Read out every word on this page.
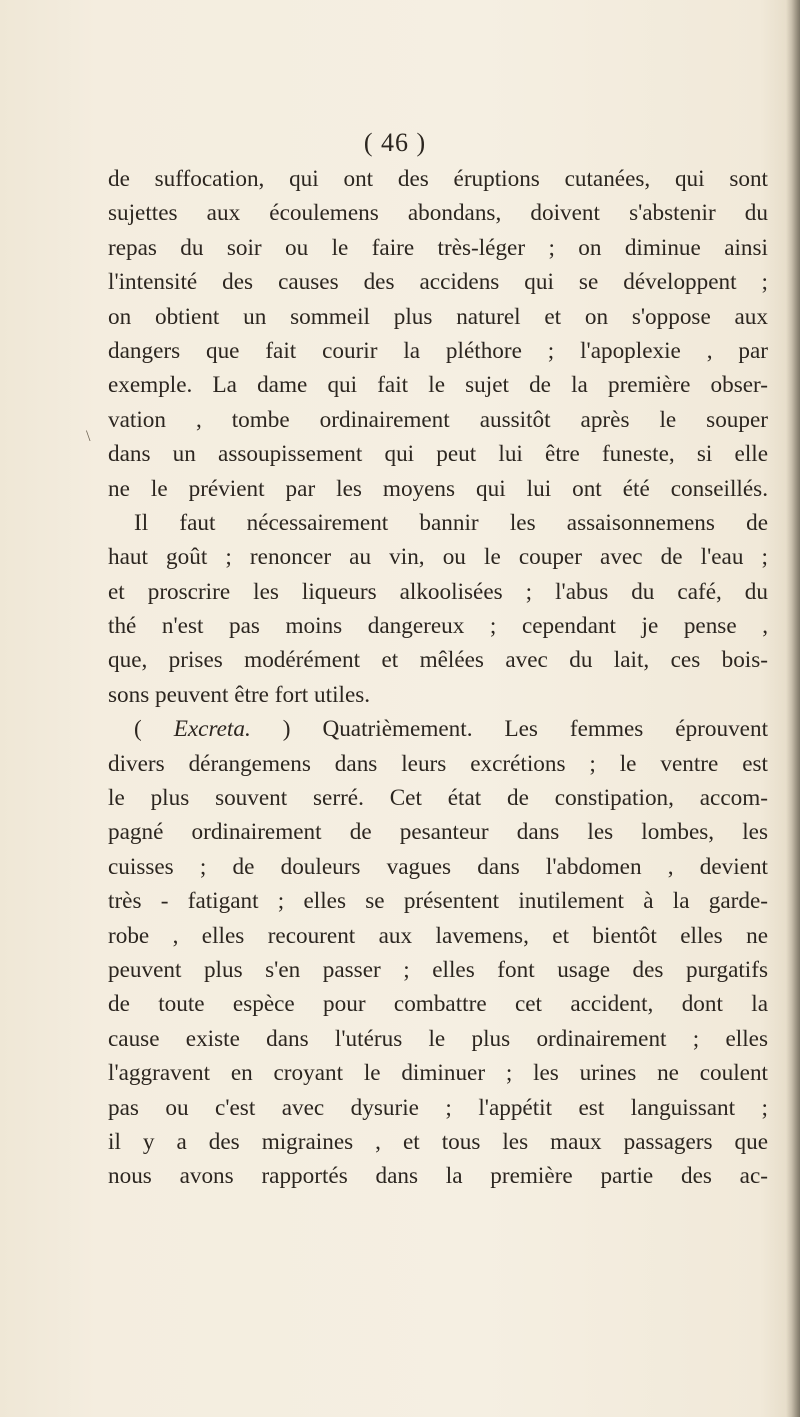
( 46 )
\
de suffocation, qui ont des éruptions cutanées, qui sont
sujettes aux écoulemens abondans, doivent s'abstenir du
repas du soir ou le faire très-léger ; on diminue ainsi
l'intensité des causes des accidens qui se développent ;
on obtient un sommeil plus naturel et on s'oppose aux
dangers que fait courir la pléthore ; l'apoplexie , par
exemple. La dame qui fait le sujet de la première obser-
vation , tombe ordinairement aussitôt après le souper
dans un assoupissement qui peut lui être funeste, si elle
ne le prévient par les moyens qui lui ont été conseillés.
Il faut nécessairement bannir les assaisonnemens de
haut goût ; renoncer au vin, ou le couper avec de l'eau ;
et proscrire les liqueurs alkoolisées ; l'abus du café, du
thé n'est pas moins dangereux ; cependant je pense ,
que, prises modérément et mêlées avec du lait, ces bois-
sons peuvent être fort utiles.
( Excreta. ) Quatrièmement. Les femmes éprouvent
divers dérangemens dans leurs excrétions ; le ventre est
le plus souvent serré. Cet état de constipation, accom-
pagné ordinairement de pesanteur dans les lombes, les
cuisses ; de douleurs vagues dans l'abdomen , devient
très - fatigant ; elles se présentent inutilement à la garde-
robe , elles recourent aux lavemens, et bientôt elles ne
peuvent plus s'en passer ; elles font usage des purgatifs
de toute espèce pour combattre cet accident, dont la
cause existe dans l'utérus le plus ordinairement ; elles
l'aggravent en croyant le diminuer ; les urines ne coulent
pas ou c'est avec dysurie ; l'appétit est languissant ;
il y a des migraines , et tous les maux passagers que
nous avons rapportés dans la première partie des ac-
